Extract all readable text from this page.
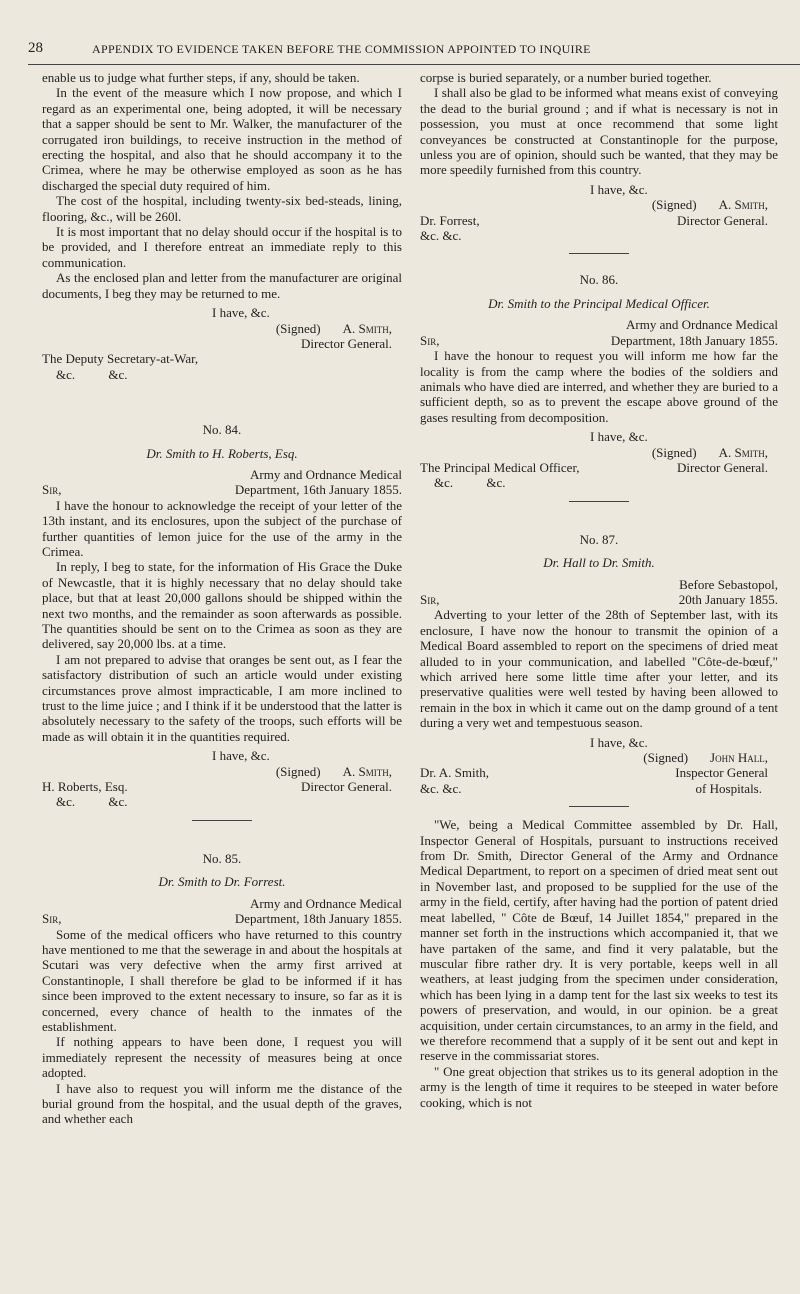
28	APPENDIX TO EVIDENCE TAKEN BEFORE THE COMMISSION APPOINTED TO INQUIRE

enable us to judge what further steps, if any, should be taken.

In the event of the measure which I now propose, and which I regard as an experimental one, being adopted, it will be necessary that a sapper should be sent to Mr. Walker, the manufacturer of the corrugated iron buildings, to receive instruction in the method of erecting the hospital, and also that he should accompany it to the Crimea, where he may be otherwise employed as soon as he has discharged the special duty required of him.

The cost of the hospital, including twenty-six bed-steads, lining, flooring, &c., will be 260l.

It is most important that no delay should occur if the hospital is to be provided, and I therefore entreat an immediate reply to this communication.

As the enclosed plan and letter from the manufacturer are original documents, I beg they may be returned to me.

I have, &c.
(Signed) A. Smith,
Director General.
The Deputy Secretary-at-War,
&c.	&c.
No. 84.
Dr. Smith to H. Roberts, Esq.
Army and Ordnance Medical
Sir,	Department, 16th January 1855.

I have the honour to acknowledge the receipt of your letter of the 13th instant, and its enclosures, upon the subject of the purchase of further quantities of lemon juice for the use of the army in the Crimea.

In reply, I beg to state, for the information of His Grace the Duke of Newcastle, that it is highly necessary that no delay should take place, but that at least 20,000 gallons should be shipped within the next two months, and the remainder as soon afterwards as possible. The quantities should be sent on to the Crimea as soon as they are delivered, say 20,000 lbs. at a time.

I am not prepared to advise that oranges be sent out, as I fear the satisfactory distribution of such an article would under existing circumstances prove almost impracticable, I am more inclined to trust to the lime juice ; and I think if it be understood that the latter is absolutely necessary to the safety of the troops, such efforts will be made as will obtain it in the quantities required.

I have, &c.
(Signed) A. Smith,
H. Roberts, Esq.	Director General.
&c.	&c.
No. 85.
Dr. Smith to Dr. Forrest.
Army and Ordnance Medical
Sir,	Department, 18th January 1855.

Some of the medical officers who have returned to this country have mentioned to me that the sewerage in and about the hospitals at Scutari was very defective when the army first arrived at Constantinople, I shall therefore be glad to be informed if it has since been improved to the extent necessary to insure, so far as it is concerned, every chance of health to the inmates of the establishment.

If nothing appears to have been done, I request you will immediately represent the necessity of measures being at once adopted.

I have also to request you will inform me the distance of the burial ground from the hospital, and the usual depth of the graves, and whether each

corpse is buried separately, or a number buried together.

I shall also be glad to be informed what means exist of conveying the dead to the burial ground ; and if what is necessary is not in possession, you must at once recommend that some light conveyances be constructed at Constantinople for the purpose, unless you are of opinion, should such be wanted, that they may be more speedily furnished from this country.

I have, &c.
(Signed) A. Smith,
Dr. Forrest,	Director General.
&c. &c.
No. 86.
Dr. Smith to the Principal Medical Officer.
Army and Ordnance Medical
Sir,	Department, 18th January 1855.

I have the honour to request you will inform me how far the locality is from the camp where the bodies of the soldiers and animals who have died are interred, and whether they are buried to a sufficient depth, so as to prevent the escape above ground of the gases resulting from decomposition.

I have, &c.
(Signed) A. Smith,
The Principal Medical Officer,	Director General.
&c.	&c.
No. 87.
Dr. Hall to Dr. Smith.
Before Sebastopol,
Sir,	20th January 1855.

Adverting to your letter of the 28th of September last, with its enclosure, I have now the honour to transmit the opinion of a Medical Board assembled to report on the specimens of dried meat alluded to in your communication, and labelled "Côte-de-bœuf," which arrived here some little time after your letter, and its preservative qualities were well tested by having been allowed to remain in the box in which it came out on the damp ground of a tent during a very wet and tempestuous season.

I have, &c.
(Signed) John Hall,
Dr. A. Smith,	Inspector General
&c. &c.	of Hospitals.

"We, being a Medical Committee assembled by Dr. Hall, Inspector General of Hospitals, pursuant to instructions received from Dr. Smith, Director General of the Army and Ordnance Medical Department, to report on a specimen of dried meat sent out in November last, and proposed to be supplied for the use of the army in the field, certify, after having had the portion of patent dried meat labelled, " Côte de Bœuf, 14 Juillet 1854," prepared in the manner set forth in the instructions which accompanied it, that we have partaken of the same, and find it very palatable, but the muscular fibre rather dry. It is very portable, keeps well in all weathers, at least judging from the specimen under consideration, which has been lying in a damp tent for the last six weeks to test its powers of preservation, and would, in our opinion. be a great acquisition, under certain circumstances, to an army in the field, and we therefore recommend that a supply of it be sent out and kept in reserve in the commissariat stores.

" One great objection that strikes us to its general adoption in the army is the length of time it requires to be steeped in water before cooking, which is not
